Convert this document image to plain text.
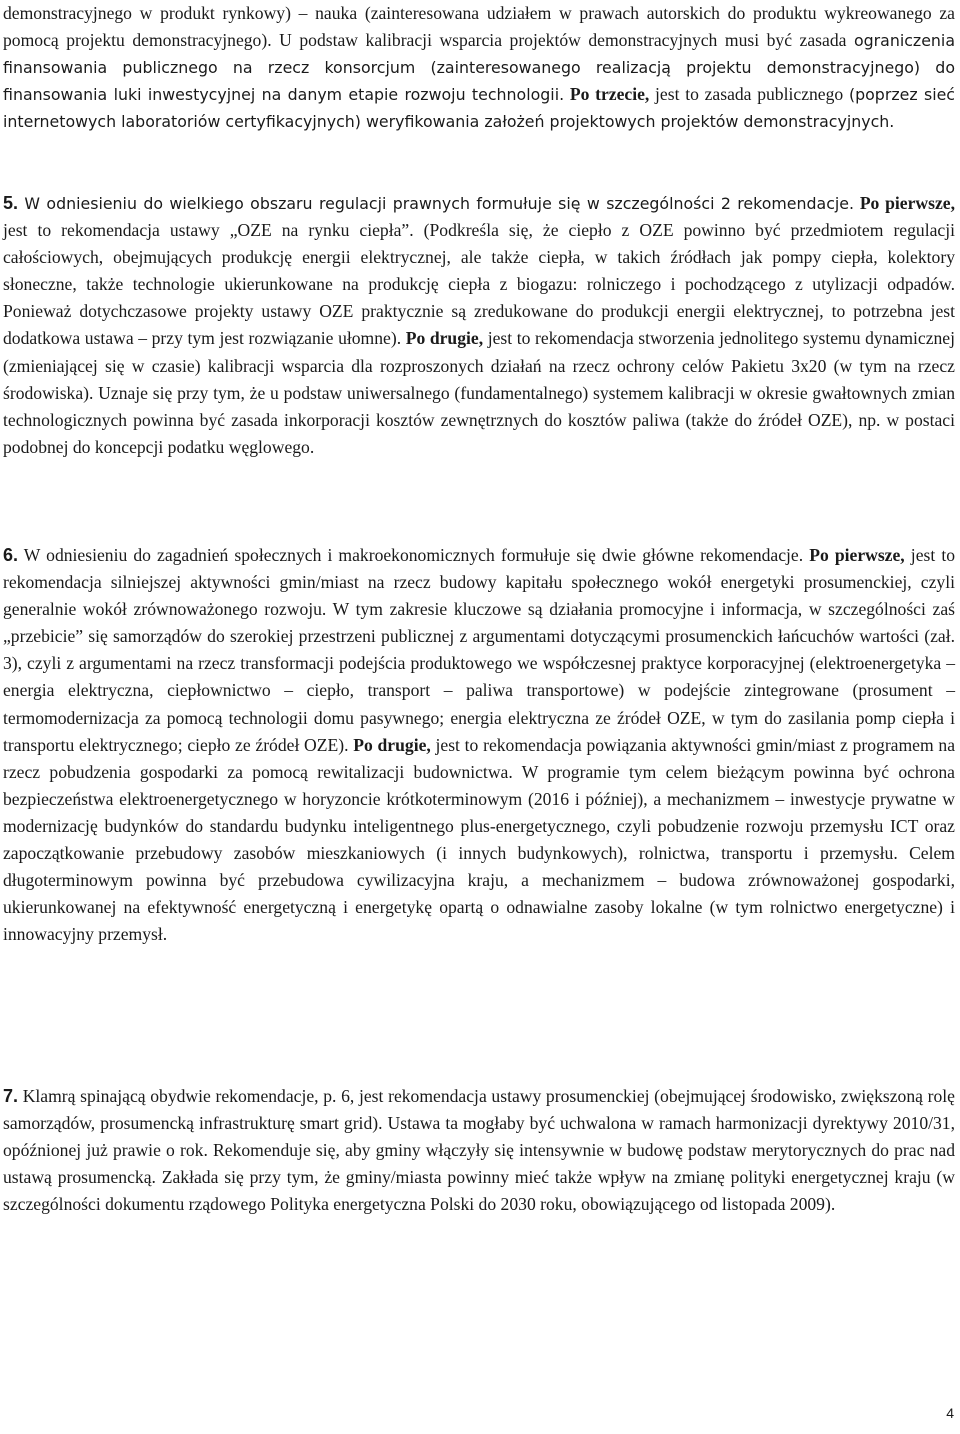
demonstracyjnego w produkt rynkowy) – nauka (zainteresowana udziałem w prawach autorskich do produktu wykreowanego za pomocą projektu demonstracyjnego). U podstaw kalibracji wsparcia projektów demonstracyjnych musi być zasada ograniczenia finansowania publicznego na rzecz konsorcjum (zainteresowanego realizacją projektu demonstracyjnego) do finansowania luki inwestycyjnej na danym etapie rozwoju technologii. Po trzecie, jest to zasada publicznego (poprzez sieć internetowych laboratoriów certyfikacyjnych) weryfikowania założeń projektowych projektów demonstracyjnych.

5. W odniesieniu do wielkiego obszaru regulacji prawnych formułuje się w szczególności 2 rekomendacje. Po pierwsze, jest to rekomendacja ustawy „OZE na rynku ciepła”. (Podkreśla się, że ciepło z OZE powinno być przedmiotem regulacji całościowych, obejmujących produkcję energii elektrycznej, ale także ciepła, w takich źródłach jak pompy ciepła, kolektory słoneczne, także technologie ukierunkowane na produkcję ciepła z biogazu: rolniczego i pochodzącego z utylizacji odpadów. Ponieważ dotychczasowe projekty ustawy OZE praktycznie są zredukowane do produkcji energii elektrycznej, to potrzebna jest dodatkowa ustawa – przy tym jest rozwiązanie ułomne). Po drugie, jest to rekomendacja stworzenia jednolitego systemu dynamicznej (zmieniającej się w czasie) kalibracji wsparcia dla rozproszonych działań na rzecz ochrony celów Pakietu 3x20 (w tym na rzecz środowiska). Uznaje się przy tym, że u podstaw uniwersalnego (fundamentalnego) systemem kalibracji w okresie gwałtownych zmian technologicznych powinna być zasada inkorporacji kosztów zewnętrznych do kosztów paliwa (także do źródeł OZE), np. w postaci podobnej do koncepcji podatku węglowego.

6. W odniesieniu do zagadnień społecznych i makroekonomicznych formułuje się dwie główne rekomendacje. Po pierwsze, jest to rekomendacja silniejszej aktywności gmin/miast na rzecz budowy kapitału społecznego wokół energetyki prosumenckiej, czyli generalnie wokół zrównoważonego rozwoju. W tym zakresie kluczowe są działania promocyjne i informacja, w szczególności zaś „przebicie” się samorządów do szerokiej przestrzeni publicznej z argumentami dotyczącymi prosumenckich łańcuchów wartości (zał. 3), czyli z argumentami na rzecz transformacji podejścia produktowego we współczesnej praktyce korporacyjnej (elektroenergetyka – energia elektryczna, ciepłownictwo – ciepło, transport – paliwa transportowe) w podejście zintegrowane (prosument – termomodernizacja za pomocą technologii domu pasywnego; energia elektryczna ze źródeł OZE, w tym do zasilania pomp ciepła i transportu elektrycznego; ciepło ze źródeł OZE). Po drugie, jest to rekomendacja powiązania aktywności gmin/miast z programem na rzecz pobudzenia gospodarki za pomocą rewitalizacji budownictwa. W programie tym celem bieżącym powinna być ochrona bezpieczeństwa elektroenergetycznego w horyzoncie krótkoterminowym (2016 i później), a mechanizmem – inwestycje prywatne w modernizację budynków do standardu budynku inteligentnego plus-energetycznego, czyli pobudzenie rozwoju przemysłu ICT oraz zapoczątkowanie przebudowy zasobów mieszkaniowych (i innych budynkowych), rolnictwa, transportu i przemysłu. Celem długoterminowym powinna być przebudowa cywilizacyjna kraju, a mechanizmem – budowa zrównoważonej gospodarki, ukierunkowanej na efektywność energetyczną i energetykę opartą o odnawialne zasoby lokalne (w tym rolnictwo energetyczne) i innowacyjny przemysł.

7. Klamrą spinającą obydwie rekomendacje, p. 6, jest rekomendacja ustawy prosumenckiej (obejmującej środowisko, zwiększoną rolę samorządów, prosumencką infrastrukturę smart grid). Ustawa ta mogłaby być uchwalona w ramach harmonizacji dyrektywy 2010/31, opóźnionej już prawie o rok. Rekomenduje się, aby gminy włączyły się intensywnie w budowę podstaw merytorycznych do prac nad ustawą prosumencką. Zakłada się przy tym, że gminy/miasta powinny mieć także wpływ na zmianę polityki energetycznej kraju (w szczególności dokumentu rządowego Polityka energetyczna Polski do 2030 roku, obowiązującego od listopada 2009).

4
